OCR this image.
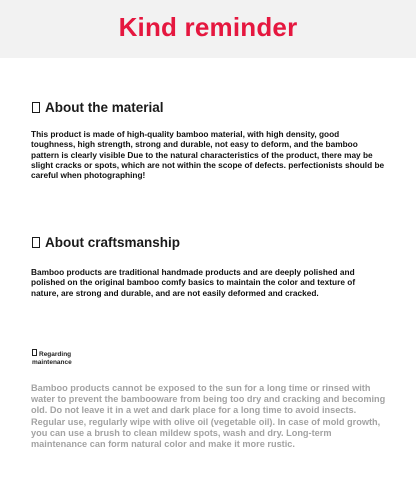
Kind reminder
About the material
This product is made of high-quality bamboo material, with high density, good toughness, high strength, strong and durable, not easy to deform, and the bamboo pattern is clearly visible Due to the natural characteristics of the product, there may be slight cracks or spots, which are not within the scope of defects. perfectionists should be careful when photographing!
About craftsmanship
Bamboo products are traditional handmade products and are deeply polished and polished on the original bamboo comfy basics to maintain the color and texture of nature, are strong and durable, and are not easily deformed and cracked.
Regarding maintenance
Bamboo products cannot be exposed to the sun for a long time or rinsed with water to prevent the bambooware from being too dry and cracking and becoming old. Do not leave it in a wet and dark place for a long time to avoid insects. Regular use, regularly wipe with olive oil (vegetable oil). In case of mold growth, you can use a brush to clean mildew spots, wash and dry. Long-term maintenance can form natural color and make it more rustic.
